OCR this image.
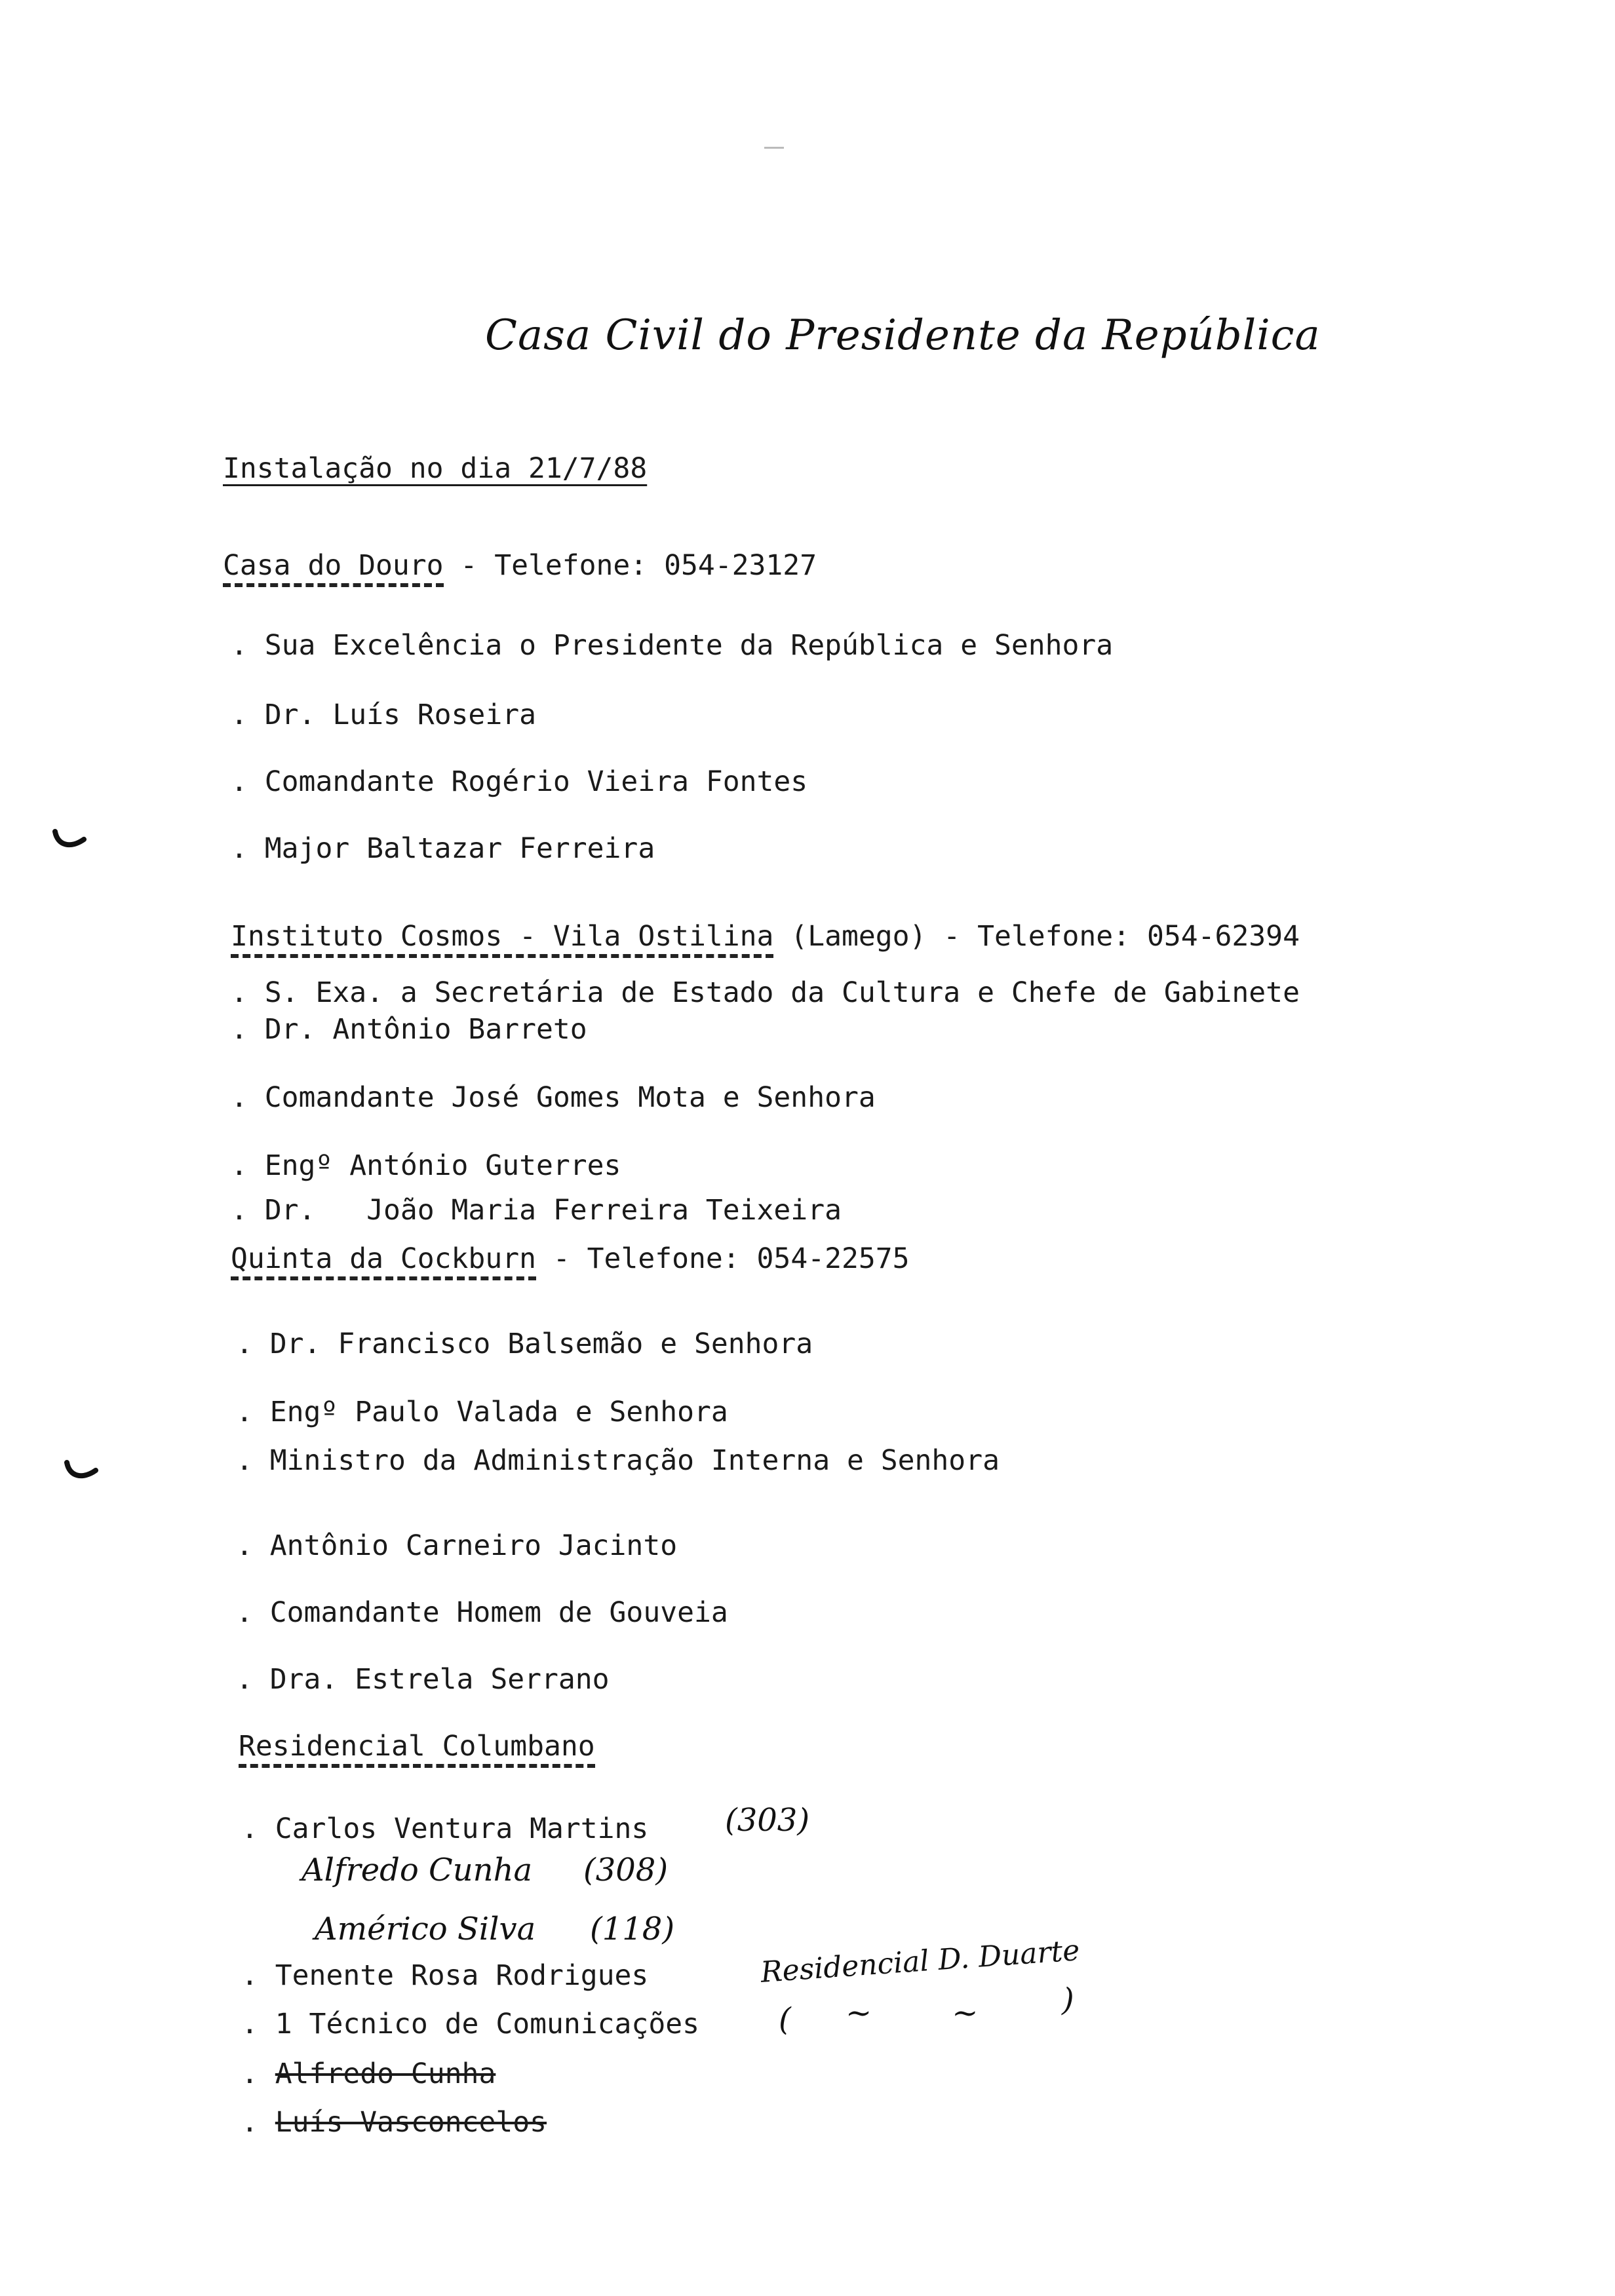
Casa Civil do Presidente da República
Instalação no dia 21/7/88
Casa do Douro - Telefone: 054-23127
. Sua Excelência o Presidente da República e Senhora
. Dr. Luís Roseira
. Comandante Rogério Vieira Fontes
. Major Baltazar Ferreira
Instituto Cosmos - Vila Ostilina (Lamego) - Telefone: 054-62394
. S. Exa. a Secretária de Estado da Cultura e Chefe de Gabinete
. Dr. Antônio Barreto
. Comandante José Gomes Mota e Senhora
. Engº António Guterres
. Dr.   João Maria Ferreira Teixeira
Quinta da Cockburn - Telefone: 054-22575
. Dr. Francisco Balsemão e Senhora
. Engº Paulo Valada e Senhora
. Ministro da Administração Interna e Senhora
. Antônio Carneiro Jacinto
. Comandante Homem de Gouveia
. Dra. Estrela Serrano
Residencial Columbano
. Carlos Ventura Martins
. Tenente Rosa Rodrigues
. 1 Técnico de Comunicações
. Alfredo Cunha
. Luís Vasconcelos
(303)
Alfredo Cunha (308)
Américo Silva (118)
Residencial D. Duarte
( ~        ~	)
